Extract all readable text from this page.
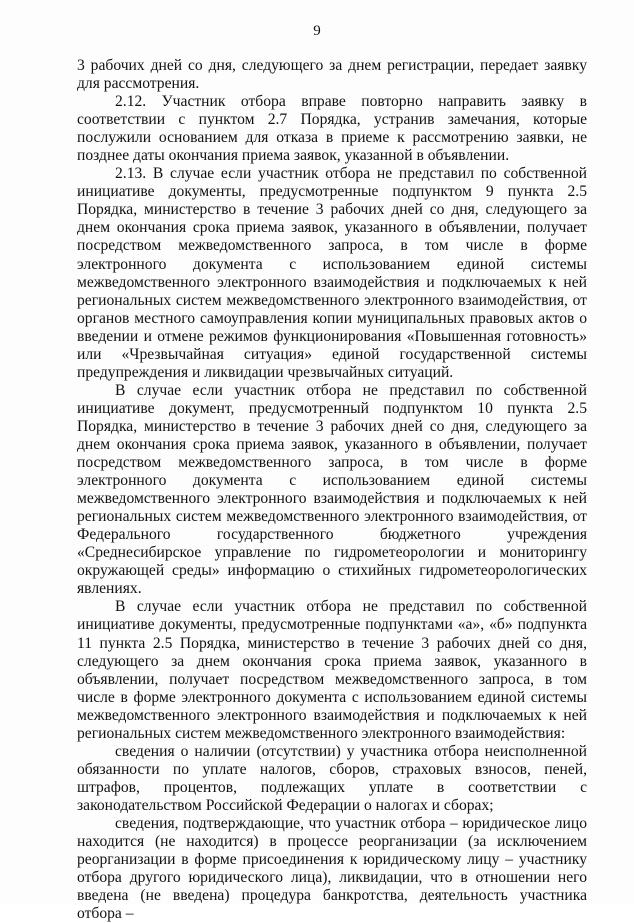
9

3 рабочих дней со дня, следующего за днем регистрации, передает заявку для рассмотрения.

2.12. Участник отбора вправе повторно направить заявку в соответствии с пунктом 2.7 Порядка, устранив замечания, которые послужили основанием для отказа в приеме к рассмотрению заявки, не позднее даты окончания приема заявок, указанной в объявлении.

2.13. В случае если участник отбора не представил по собственной инициативе документы, предусмотренные подпунктом 9 пункта 2.5 Порядка, министерство в течение 3 рабочих дней со дня, следующего за днем окончания срока приема заявок, указанного в объявлении, получает посредством межведомственного запроса, в том числе в форме электронного документа с использованием единой системы межведомственного электронного взаимодействия и подключаемых к ней региональных систем межведомственного электронного взаимодействия, от органов местного самоуправления копии муниципальных правовых актов о введении и отмене режимов функционирования «Повышенная готовность» или «Чрезвычайная ситуация» единой государственной системы предупреждения и ликвидации чрезвычайных ситуаций.

В случае если участник отбора не представил по собственной инициативе документ, предусмотренный подпунктом 10 пункта 2.5 Порядка, министерство в течение 3 рабочих дней со дня, следующего за днем окончания срока приема заявок, указанного в объявлении, получает посредством межведомственного запроса, в том числе в форме электронного документа с использованием единой системы межведомственного электронного взаимодействия и подключаемых к ней региональных систем межведомственного электронного взаимодействия, от Федерального государственного бюджетного учреждения «Среднесибирское управление по гидрометеорологии и мониторингу окружающей среды» информацию о стихийных гидрометеорологических явлениях.

В случае если участник отбора не представил по собственной инициативе документы, предусмотренные подпунктами «а», «б» подпункта 11 пункта 2.5 Порядка, министерство в течение 3 рабочих дней со дня, следующего за днем окончания срока приема заявок, указанного в объявлении, получает посредством межведомственного запроса, в том числе в форме электронного документа с использованием единой системы межведомственного электронного взаимодействия и подключаемых к ней региональных систем межведомственного электронного взаимодействия:

сведения о наличии (отсутствии) у участника отбора неисполненной обязанности по уплате налогов, сборов, страховых взносов, пеней, штрафов, процентов, подлежащих уплате в соответствии с законодательством Российской Федерации о налогах и сборах;

сведения, подтверждающие, что участник отбора – юридическое лицо находится (не находится) в процессе реорганизации (за исключением реорганизации в форме присоединения к юридическому лицу – участнику отбора другого юридического лица), ликвидации, что в отношении него введена (не введена) процедура банкротства, деятельность участника отбора –
